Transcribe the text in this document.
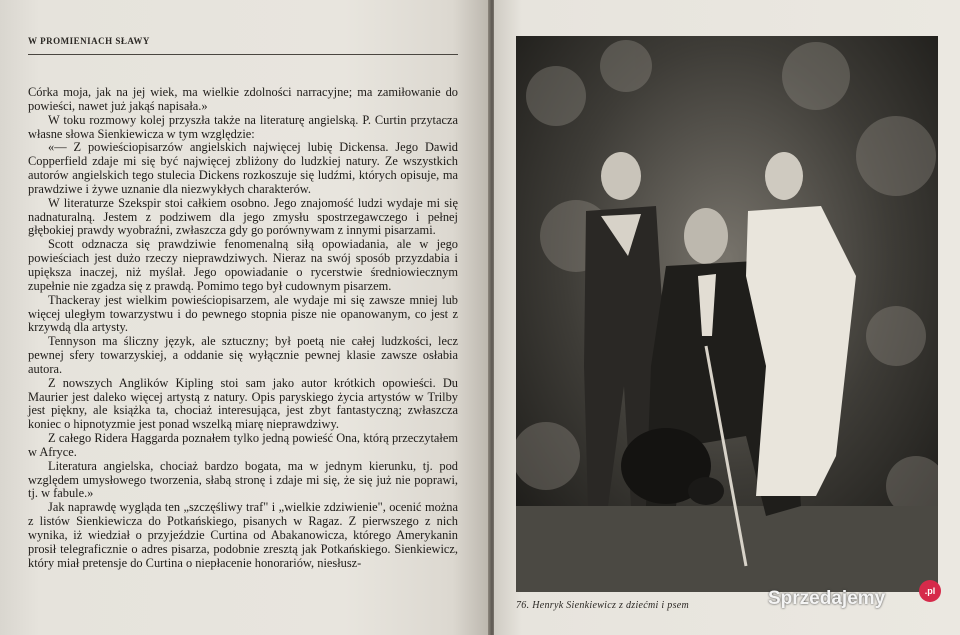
W PROMIENIACH SŁAWY

Córka moja, jak na jej wiek, ma wielkie zdolności narracyjne; ma zamiłowanie do powieści, nawet już jakąś napisała.»

W toku rozmowy kolej przyszła także na literaturę angielską. P. Curtin przytacza własne słowa Sienkiewicza w tym względzie:

«— Z powieściopisarzów angielskich najwięcej lubię Dickensa. Jego Dawid Copperfield zdaje mi się być najwięcej zbliżony do ludzkiej natury. Ze wszystkich autorów angielskich tego stulecia Dickens rozkoszuje się ludźmi, których opisuje, ma prawdziwe i żywe uznanie dla niezwykłych charakterów.

W literaturze Szekspir stoi całkiem osobno. Jego znajomość ludzi wydaje mi się nadnaturalną. Jestem z podziwem dla jego zmysłu spostrzegawczego i pełnej głębokiej prawdy wyobraźni, zwłaszcza gdy go porównywam z innymi pisarzami.

Scott odznacza się prawdziwie fenomenalną siłą opowiadania, ale w jego powieściach jest dużo rzeczy nieprawdziwych. Nieraz na swój sposób przyzdabia i upiększa inaczej, niż myślał. Jego opowiadanie o rycerstwie średniowiecznym zupełnie nie zgadza się z prawdą. Pomimo tego był cudownym pisarzem.

Thackeray jest wielkim powieściopisarzem, ale wydaje mi się zawsze mniej lub więcej uległym towarzystwu i do pewnego stopnia pisze nie opanowanym, co jest z krzywdą dla artysty.

Tennyson ma śliczny język, ale sztuczny; był poetą nie całej ludzkości, lecz pewnej sfery towarzyskiej, a oddanie się wyłącznie pewnej klasie zawsze osłabia autora.

Z nowszych Anglików Kipling stoi sam jako autor krótkich opowieści. Du Maurier jest daleko więcej artystą z natury. Opis paryskiego życia artystów w Trilby jest piękny, ale książka ta, chociaż interesująca, jest zbyt fantastyczną; zwłaszcza koniec o hipnotyzmie jest ponad wszelką miarę nieprawdziwy.

Z całego Ridera Haggarda poznałem tylko jedną powieść Ona, którą przeczytałem w Afryce.

Literatura angielska, chociaż bardzo bogata, ma w jednym kierunku, tj. pod względem umysłowego tworzenia, słabą stronę i zdaje mi się, że się już nie poprawi, tj. w fabule.»

Jak naprawdę wygląda ten „szczęśliwy traf" i „wielkie zdziwienie", ocenić można z listów Sienkiewicza do Potkańskiego, pisanych w Ragaz. Z pierwszego z nich wynika, iż wiedział o przyjeździe Curtina od Abakanowicza, którego Amerykanin prosił telegraficznie o adres pisarza, podobnie zresztą jak Potkańskiego. Sienkiewicz, który miał pretensje do Curtina o niepłacenie honorariów, niesłusz-

76. Henryk Sienkiewicz z dziećmi i psem	Sprzedajemy	.pl
